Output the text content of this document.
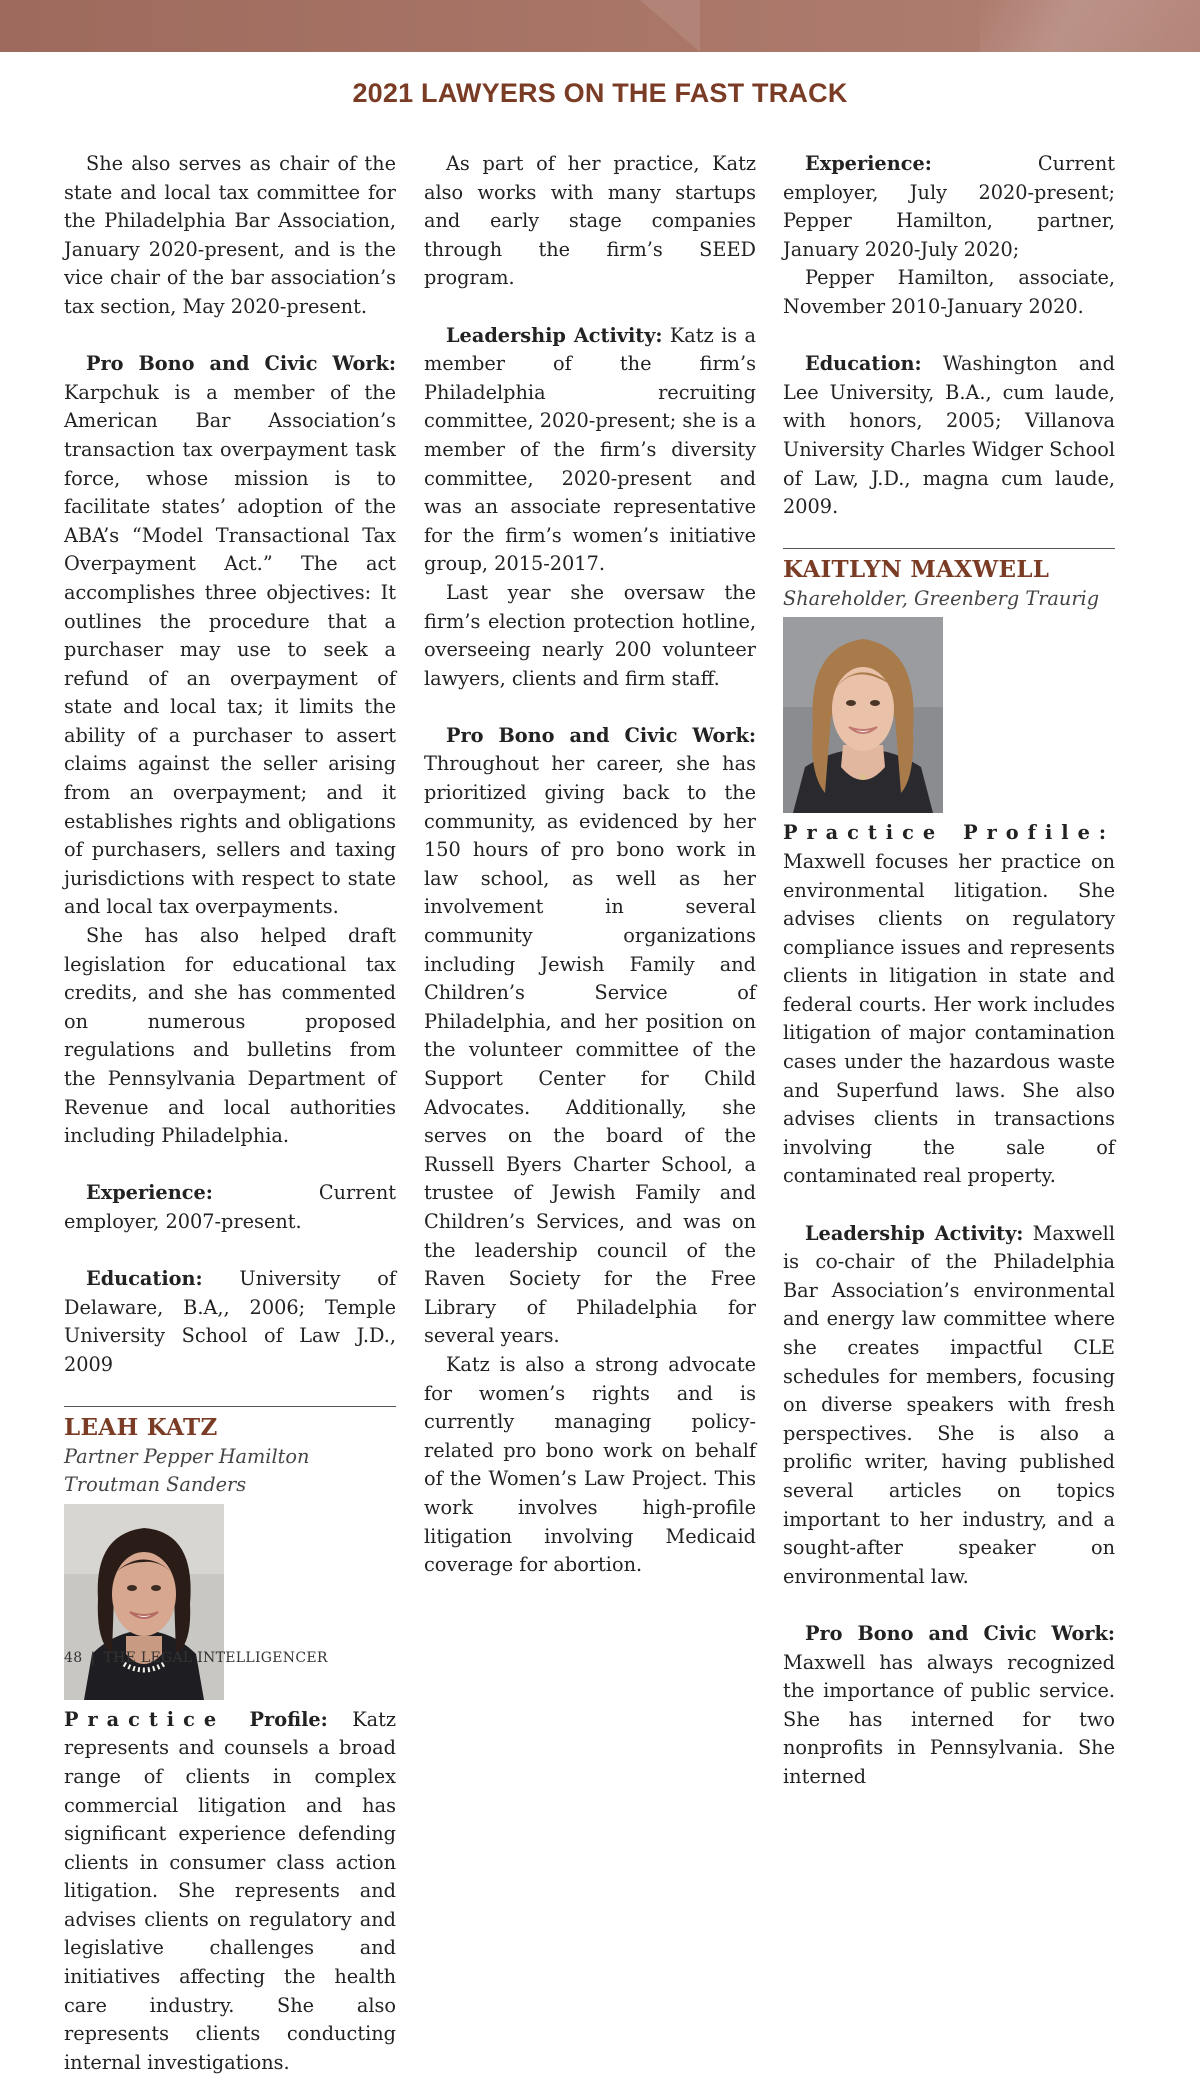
2021 LAWYERS ON THE FAST TRACK

She also serves as chair of the state and local tax committee for the Philadelphia Bar Association, January 2020-present, and is the vice chair of the bar association’s tax section, May 2020-present.

Pro Bono and Civic Work: Karpchuk is a member of the American Bar Association’s transaction tax overpayment task force, whose mission is to facilitate states’ adoption of the ABA’s “Model Transactional Tax Overpayment Act.” The act accomplishes three objectives: It outlines the procedure that a purchaser may use to seek a refund of an overpayment of state and local tax; it limits the ability of a purchaser to assert claims against the seller arising from an overpayment; and it establishes rights and obligations of purchasers, sellers and taxing jurisdictions with respect to state and local tax overpayments.

She has also helped draft legislation for educational tax credits, and she has commented on numerous proposed regulations and bulletins from the Pennsylvania Department of Revenue and local authorities including Philadelphia.

Experience: Current employer, 2007-present.

Education: University of Delaware, B.A,, 2006; Temple University School of Law J.D., 2009

LEAH KATZ
Partner Pepper Hamilton
Troutman Sanders

Practice Profile: Katz represents and counsels a broad range of clients in complex commercial litigation and has significant experience defending clients in consumer class action litigation. She represents and advises clients on regulatory and legislative challenges and initiatives affecting the health care industry. She also represents clients conducting internal investigations.

As part of her practice, Katz also works with many startups and early stage companies through the firm’s SEED program.

Leadership Activity: Katz is a member of the firm’s Philadelphia recruiting committee, 2020-present; she is a member of the firm’s diversity committee, 2020-present and was an associate representative for the firm’s women’s initiative group, 2015-2017.

Last year she oversaw the firm’s election protection hotline, overseeing nearly 200 volunteer lawyers, clients and firm staff.

Pro Bono and Civic Work: Throughout her career, she has prioritized giving back to the community, as evidenced by her 150 hours of pro bono work in law school, as well as her involvement in several community organizations including Jewish Family and Children’s Service of Philadelphia, and her position on the volunteer committee of the Support Center for Child Advocates. Additionally, she serves on the board of the Russell Byers Charter School, a trustee of Jewish Family and Children’s Services, and was on the leadership council of the Raven Society for the Free Library of Philadelphia for several years.

Katz is also a strong advocate for women’s rights and is currently managing policy-related pro bono work on behalf of the Women’s Law Project. This work involves high-profile litigation involving Medicaid coverage for abortion.

Experience: Current employer, July 2020-present; Pepper Hamilton, partner, January 2020-July 2020;

Pepper Hamilton, associate, November 2010-January 2020.

Education: Washington and Lee University, B.A., cum laude, with honors, 2005; Villanova University Charles Widger School of Law, J.D., magna cum laude, 2009.

KAITLYN MAXWELL
Shareholder, Greenberg Traurig

Practice Profile: Maxwell focuses her practice on environmental litigation. She advises clients on regulatory compliance issues and represents clients in litigation in state and federal courts. Her work includes litigation of major contamination cases under the hazardous waste and Superfund laws. She also advises clients in transactions involving the sale of contaminated real property.

Leadership Activity: Maxwell is co-chair of the Philadelphia Bar Association’s environmental and energy law committee where she creates impactful CLE schedules for members, focusing on diverse speakers with fresh perspectives. She is also a prolific writer, having published several articles on topics important to her industry, and a sought-after speaker on environmental law.

Pro Bono and Civic Work: Maxwell has always recognized the importance of public service. She has interned for two nonprofits in Pennsylvania. She interned

48 | THE LEGAL INTELLIGENCER
